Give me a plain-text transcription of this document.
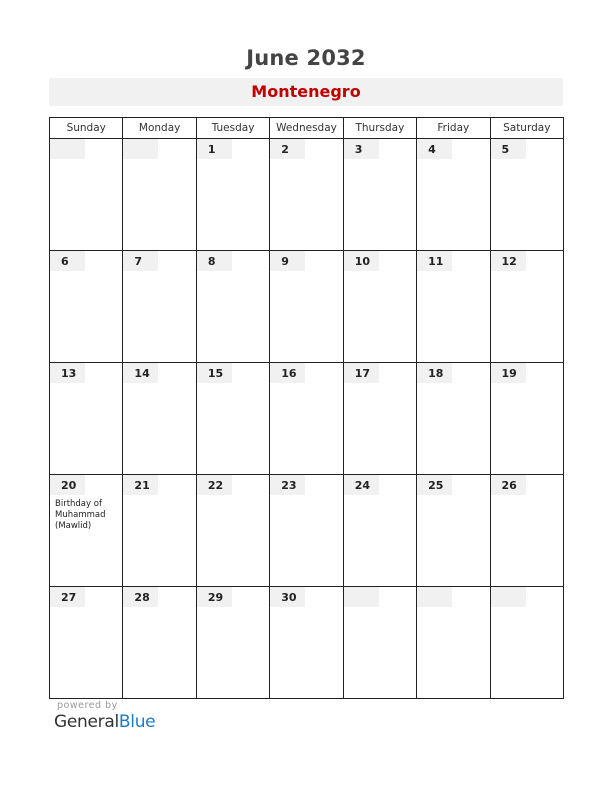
June 2032
Montenegro
Sunday	Monday	Tuesday	Wednesday	Thursday	Friday	Saturday

		1	2	3	4	5

6	7	8	9	10	11	12

13	14	15	16	17	18	19

20
Birthday of Muhammad (Mawlid)	21	22	23	24	25	26

27	28	29	30			

powered by
GeneralBlue
